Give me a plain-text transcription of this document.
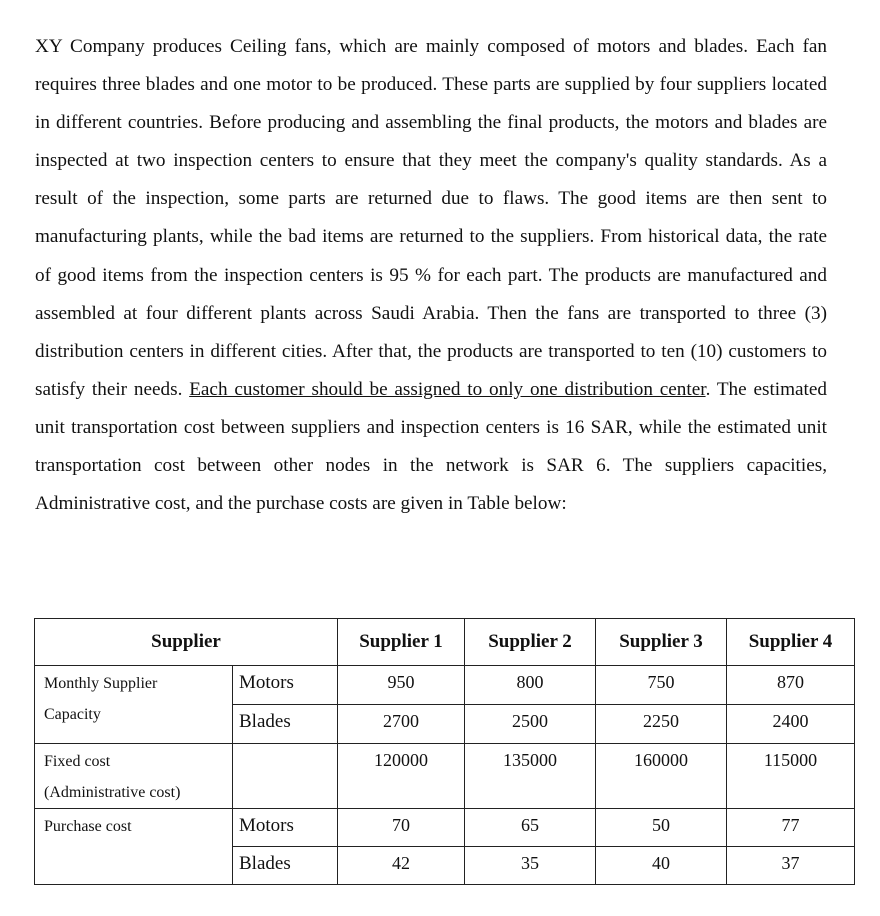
XY Company produces Ceiling fans, which are mainly composed of motors and blades. Each fan requires three blades and one motor to be produced. These parts are supplied by four suppliers located in different countries. Before producing and assembling the final products, the motors and blades are inspected at two inspection centers to ensure that they meet the company's quality standards. As a result of the inspection, some parts are returned due to flaws. The good items are then sent to manufacturing plants, while the bad items are returned to the suppliers. From historical data, the rate of good items from the inspection centers is 95 % for each part. The products are manufactured and assembled at four different plants across Saudi Arabia. Then the fans are transported to three (3) distribution centers in different cities. After that, the products are transported to ten (10) customers to satisfy their needs. Each customer should be assigned to only one distribution center. The estimated unit transportation cost between suppliers and inspection centers is 16 SAR, while the estimated unit transportation cost between other nodes in the network is SAR 6. The suppliers capacities, Administrative cost, and the purchase costs are given in Table below:
Supplier		Supplier 1	Supplier 2	Supplier 3	Supplier 4

Monthly Supplier Capacity	Motors	950	800	750	870
	Blades	2700	2500	2250	2400

Fixed cost (Administrative cost)		120000	135000	160000	115000
Purchase cost	Motors	70	65	50	77
	Blades	42	35	40	37
